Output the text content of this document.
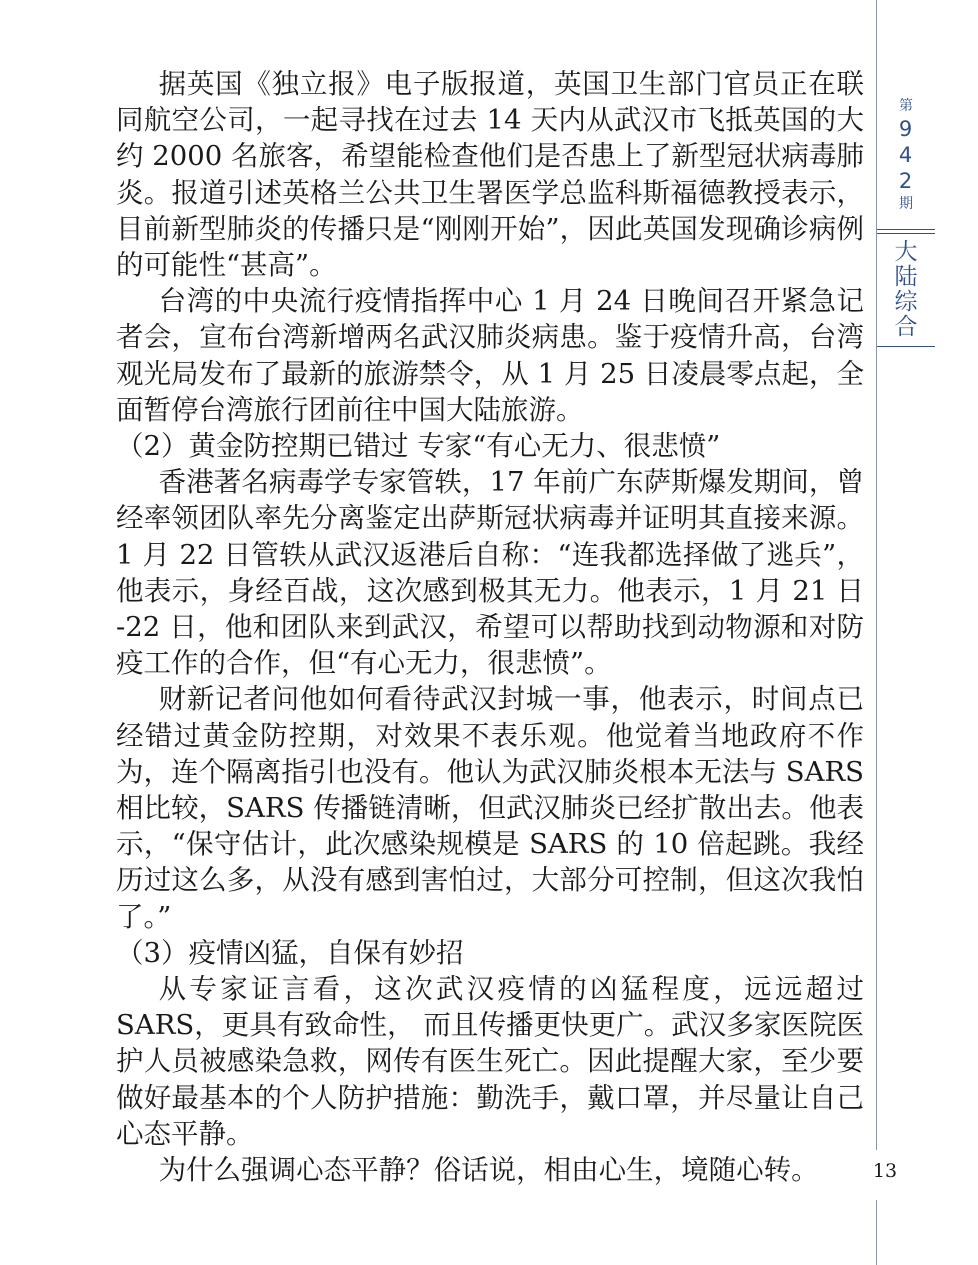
据英国《独立报》电子版报道，英国卫生部门官员正在联同航空公司，一起寻找在过去 14 天内从武汉市飞抵英国的大约 2000 名旅客，希望能检查他们是否患上了新型冠状病毒肺炎。报道引述英格兰公共卫生署医学总监科斯福德教授表示，目前新型肺炎的传播只是“刚刚开始”，因此英国发现确诊病例的可能性“甚高”。

台湾的中央流行疫情指挥中心 1 月 24 日晚间召开紧急记者会，宣布台湾新增两名武汉肺炎病患。鉴于疫情升高，台湾观光局发布了最新的旅游禁令，从 1 月 25 日凌晨零点起，全面暂停台湾旅行团前往中国大陆旅游。

（2）黄金防控期已错过 专家“有心无力、很悲愤”

香港著名病毒学专家管轶，17 年前广东萨斯爆发期间，曾经率领团队率先分离鉴定出萨斯冠状病毒并证明其直接来源。1 月 22 日管轶从武汉返港后自称：“连我都选择做了逃兵”，他表示，身经百战，这次感到极其无力。他表示，1 月 21 日 -22 日，他和团队来到武汉，希望可以帮助找到动物源和对防疫工作的合作，但“有心无力，很悲愤”。

财新记者问他如何看待武汉封城一事，他表示，时间点已经错过黄金防控期，对效果不表乐观。他觉着当地政府不作为，连个隔离指引也没有。他认为武汉肺炎根本无法与 SARS 相比较，SARS 传播链清晰，但武汉肺炎已经扩散出去。他表示，“保守估计，此次感染规模是 SARS 的 10 倍起跳。我经历过这么多，从没有感到害怕过，大部分可控制，但这次我怕了。”

（3）疫情凶猛，自保有妙招

从专家证言看，这次武汉疫情的凶猛程度，远远超过 SARS，更具有致命性， 而且传播更快更广。武汉多家医院医护人员被感染急救，网传有医生死亡。因此提醒大家，至少要做好最基本的个人防护措施：勤洗手，戴口罩，并尽量让自己心态平静。

为什么强调心态平静？俗话说，相由心生，境随心转。

第
9
4
2
期
大
陆
综
合
13
